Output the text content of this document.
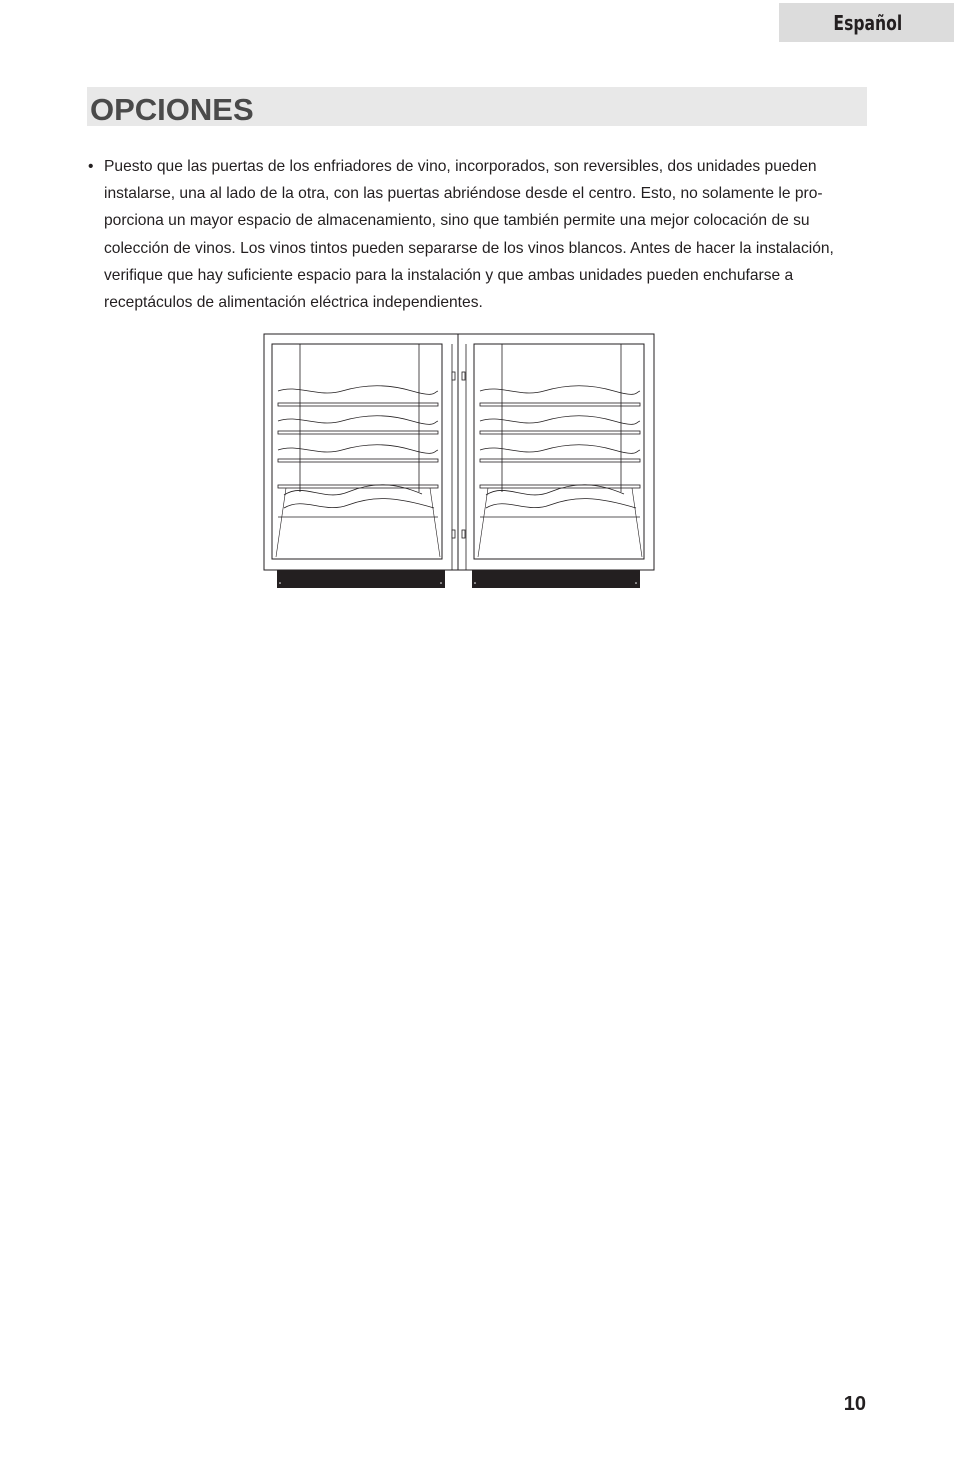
Español
OPCIONES
• Puesto que las puertas de los enfriadores de vino, incorporados, son reversibles, dos unidades pueden instalarse, una al lado de la otra, con las puertas abriéndose desde el centro. Esto, no solamente le pro-porciona un mayor espacio de almacenamiento, sino que también permite una mejor colocación de su colección de vinos. Los vinos tintos pueden separarse de los vinos blancos. Antes de hacer la instalación, verifique que hay suficiente espacio para la instalación y que ambas unidades pueden enchufarse a receptáculos de alimentación eléctrica independientes.
10
